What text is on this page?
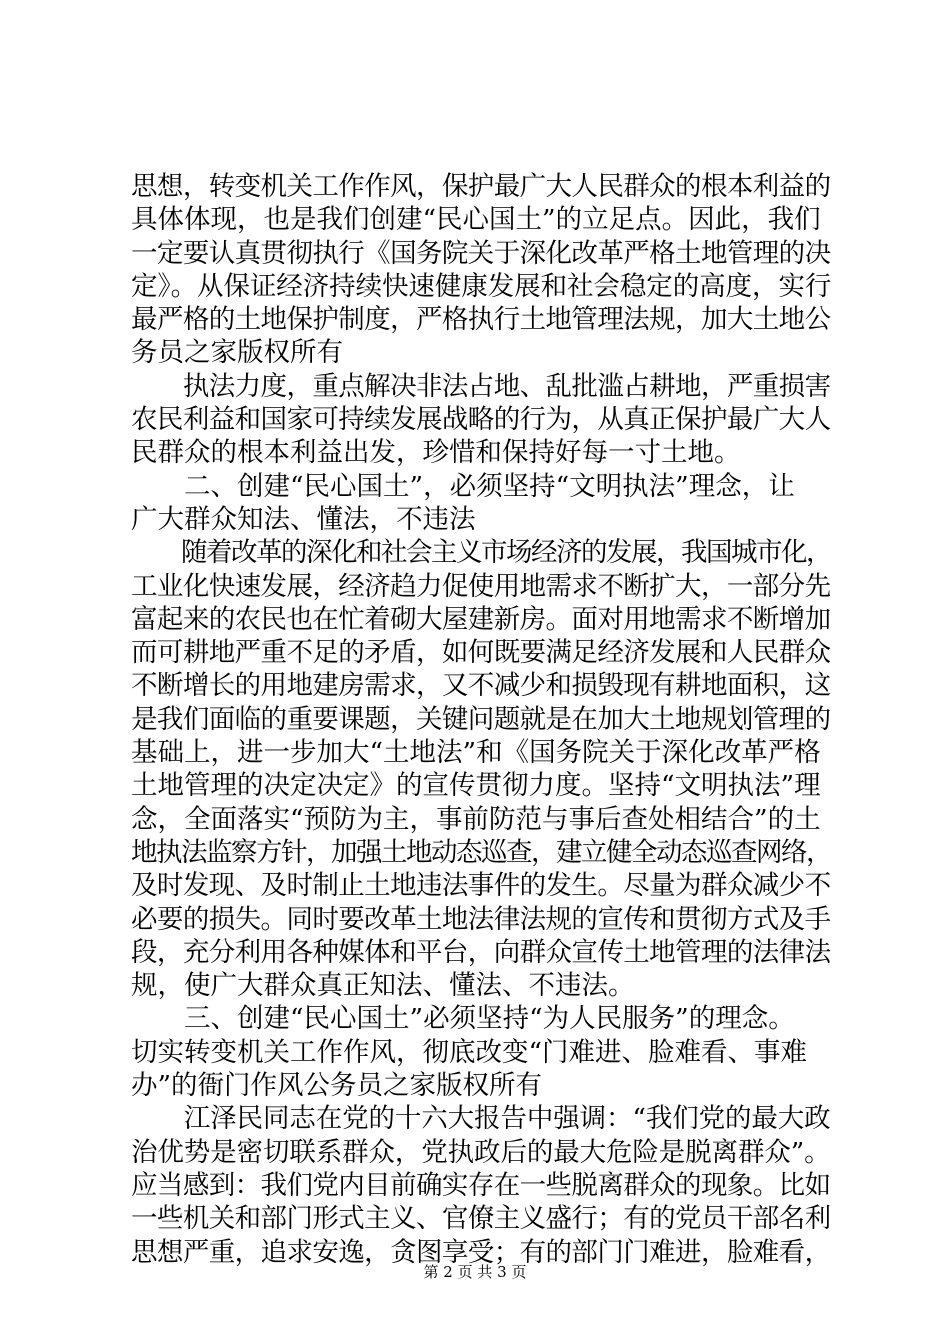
思想，转变机关工作作风，保护最广大人民群众的根本利益的
具体体现，也是我们创建“民心国土”的立足点。因此，我们
一定要认真贯彻执行《国务院关于深化改革严格土地管理的决
定》。从保证经济持续快速健康发展和社会稳定的高度，实行
最严格的土地保护制度，严格执行土地管理法规，加大土地公
务员之家版权所有
　　执法力度，重点解决非法占地、乱批滥占耕地，严重损害
农民利益和国家可持续发展战略的行为，从真正保护最广大人
民群众的根本利益出发，珍惜和保持好每一寸土地。
　　二、创建“民心国土”，必须坚持“文明执法”理念，让
广大群众知法、懂法，不违法
　　随着改革的深化和社会主义市场经济的发展，我国城市化，
工业化快速发展，经济趋力促使用地需求不断扩大，一部分先
富起来的农民也在忙着砌大屋建新房。面对用地需求不断增加
而可耕地严重不足的矛盾，如何既要满足经济发展和人民群众
不断增长的用地建房需求，又不减少和损毁现有耕地面积，这
是我们面临的重要课题，关键问题就是在加大土地规划管理的
基础上，进一步加大“土地法”和《国务院关于深化改革严格
土地管理的决定决定》的宣传贯彻力度。坚持“文明执法”理
念，全面落实“预防为主，事前防范与事后查处相结合”的土
地执法监察方针，加强土地动态巡查，建立健全动态巡查网络，
及时发现、及时制止土地违法事件的发生。尽量为群众减少不
必要的损失。同时要改革土地法律法规的宣传和贯彻方式及手
段，充分利用各种媒体和平台，向群众宣传土地管理的法律法
规，使广大群众真正知法、懂法、不违法。
　　三、创建“民心国土”必须坚持“为人民服务”的理念。
切实转变机关工作作风，彻底改变“门难进、脸难看、事难
办”的衙门作风公务员之家版权所有
　　江泽民同志在党的十六大报告中强调：“我们党的最大政
治优势是密切联系群众，党执政后的最大危险是脱离群众”。
应当感到：我们党内目前确实存在一些脱离群众的现象。比如
一些机关和部门形式主义、官僚主义盛行；有的党员干部名利
思想严重，追求安逸，贪图享受；有的部门门难进，脸难看，
第 2 页 共 3 页
